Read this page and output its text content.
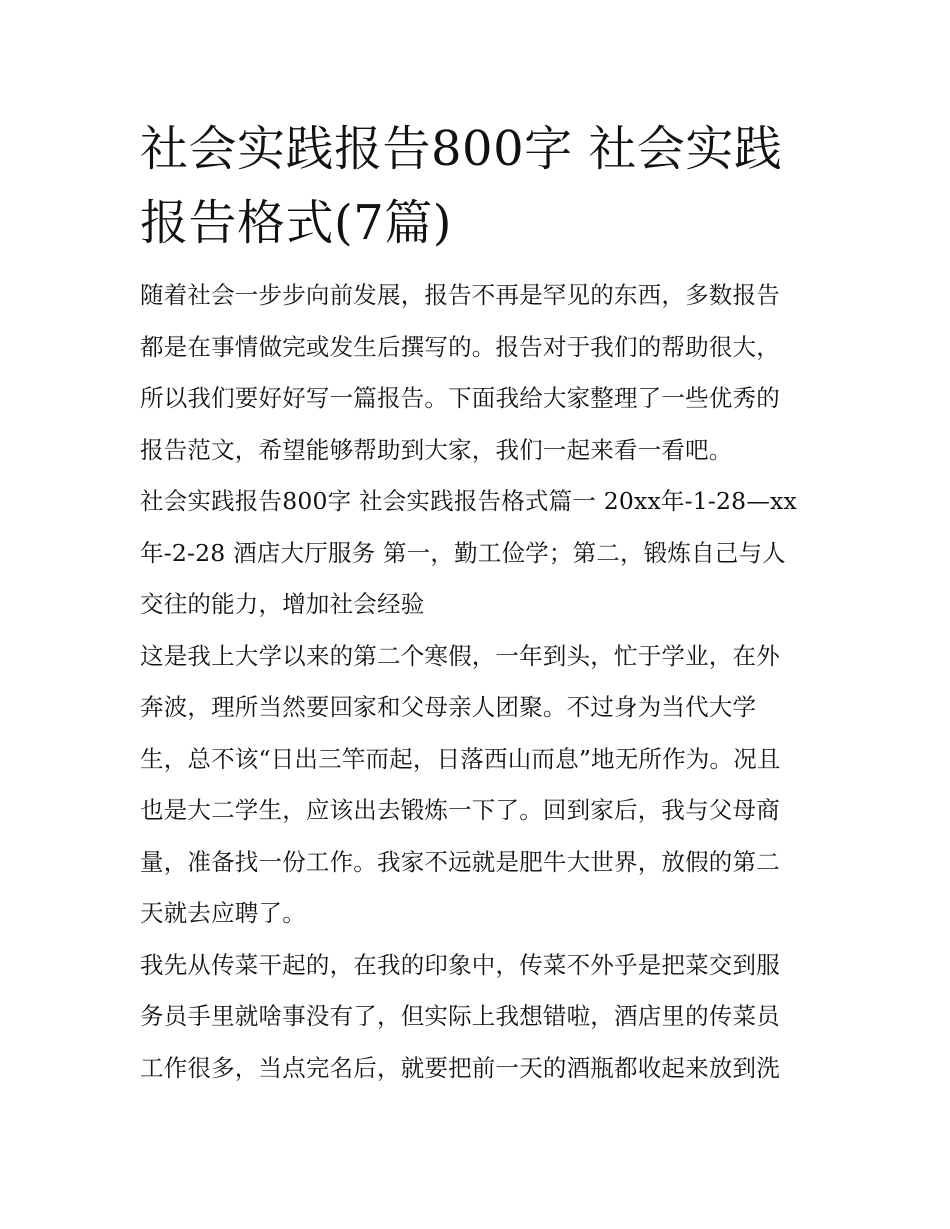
社会实践报告800字 社会实践
报告格式(7篇)

随着社会一步步向前发展，报告不再是罕见的东西，多数报告
都是在事情做完或发生后撰写的。报告对于我们的帮助很大，
所以我们要好好写一篇报告。下面我给大家整理了一些优秀的
报告范文，希望能够帮助到大家，我们一起来看一看吧。

社会实践报告800字 社会实践报告格式篇一 20xx年-1-28—xx
年-2-28 酒店大厅服务 第一，勤工俭学；第二，锻炼自己与人
交往的能力，增加社会经验

这是我上大学以来的第二个寒假，一年到头，忙于学业，在外
奔波，理所当然要回家和父母亲人团聚。不过身为当代大学
生，总不该“日出三竿而起，日落西山而息”地无所作为。况且
也是大二学生，应该出去锻炼一下了。回到家后，我与父母商
量，准备找一份工作。我家不远就是肥牛大世界，放假的第二
天就去应聘了。

我先从传菜干起的，在我的印象中，传菜不外乎是把菜交到服
务员手里就啥事没有了，但实际上我想错啦，酒店里的传菜员
工作很多，当点完名后，就要把前一天的酒瓶都收起来放到洗
